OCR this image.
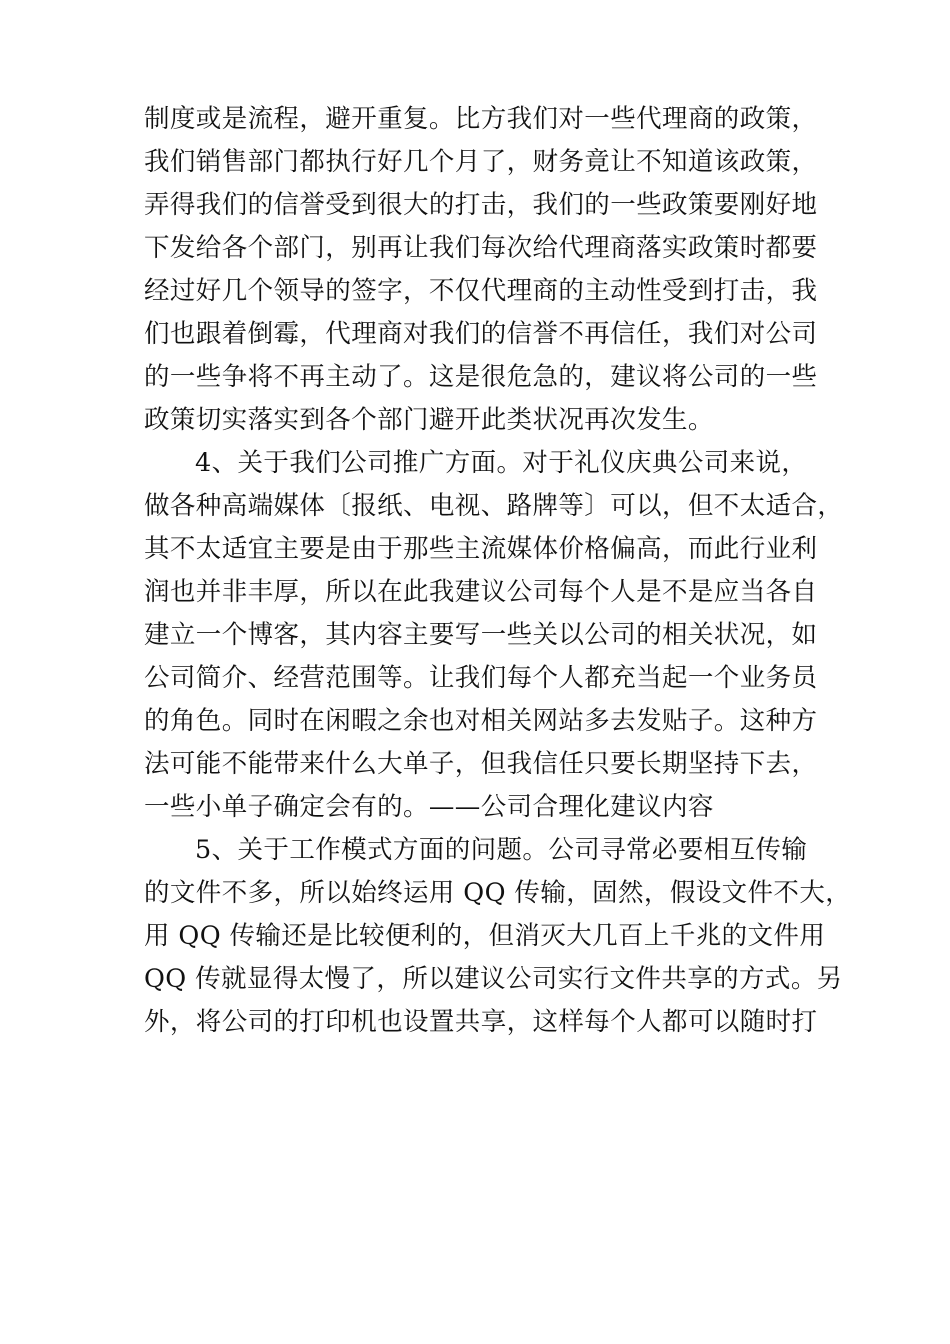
制度或是流程，避开重复。比方我们对一些代理商的政策，
我们销售部门都执行好几个月了，财务竟让不知道该政策，
弄得我们的信誉受到很大的打击，我们的一些政策要刚好地
下发给各个部门，别再让我们每次给代理商落实政策时都要
经过好几个领导的签字，不仅代理商的主动性受到打击，我
们也跟着倒霉，代理商对我们的信誉不再信任，我们对公司
的一些争将不再主动了。这是很危急的，建议将公司的一些
政策切实落实到各个部门避开此类状况再次发生。
4、关于我们公司推广方面。对于礼仪庆典公司来说，
做各种高端媒体〔报纸、电视、路牌等〕可以，但不太适合，
其不太适宜主要是由于那些主流媒体价格偏高，而此行业利
润也并非丰厚，所以在此我建议公司每个人是不是应当各自
建立一个博客，其内容主要写一些关以公司的相关状况，如
公司简介、经营范围等。让我们每个人都充当起一个业务员
的角色。同时在闲暇之余也对相关网站多去发贴子。这种方
法可能不能带来什么大单子，但我信任只要长期坚持下去，
一些小单子确定会有的。——公司合理化建议内容
5、关于工作模式方面的问题。公司寻常必要相互传输
的文件不多，所以始终运用 QQ 传输，固然，假设文件不大，
用 QQ 传输还是比较便利的，但消灭大几百上千兆的文件用
QQ 传就显得太慢了，所以建议公司实行文件共享的方式。另
外，将公司的打印机也设置共享，这样每个人都可以随时打
